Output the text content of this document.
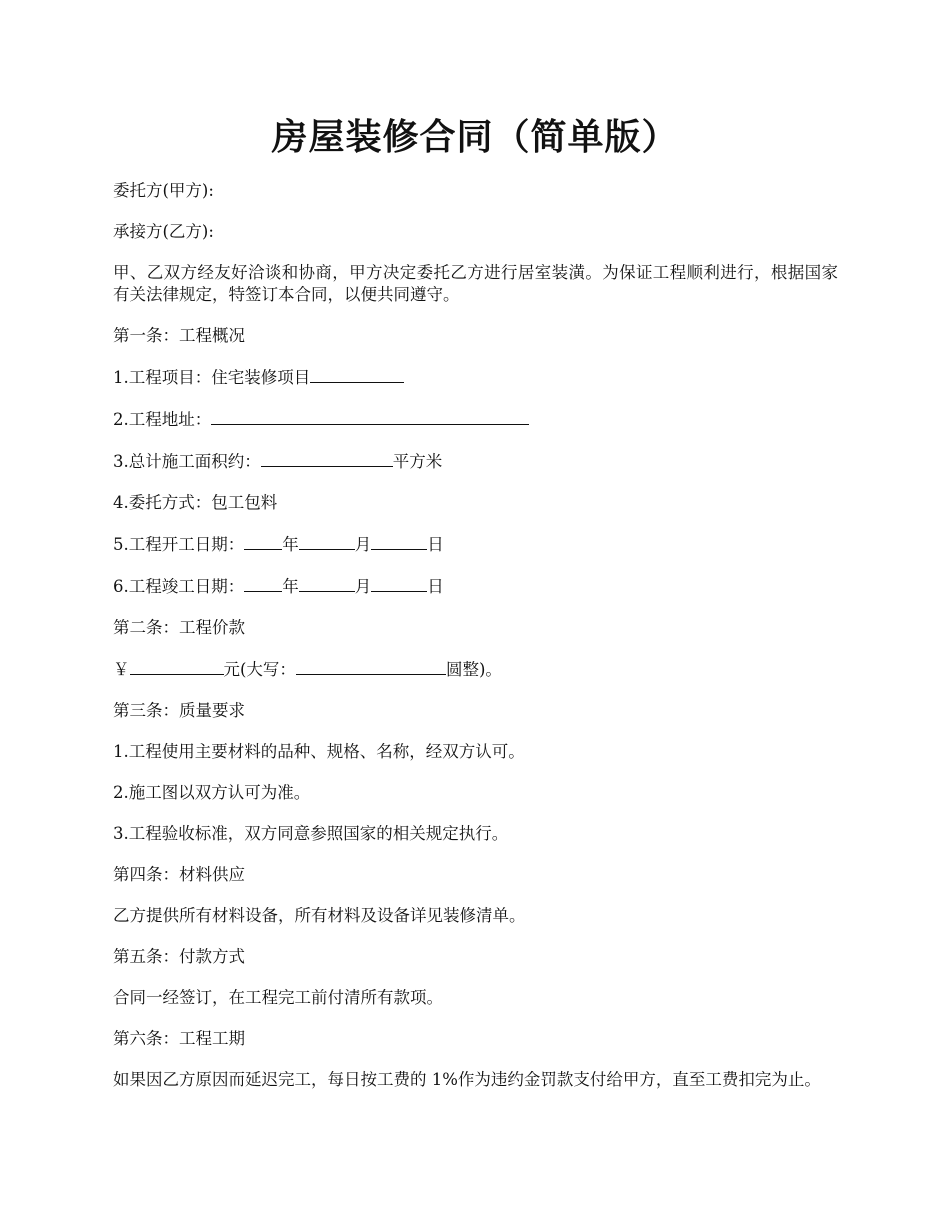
房屋装修合同（简单版）

委托方(甲方):

承接方(乙方):

甲、乙双方经友好洽谈和协商，甲方决定委托乙方进行居室装潢。为保证工程顺利进行，根据国家有关法律规定，特签订本合同，以便共同遵守。

第一条：工程概况

1.工程项目：住宅装修项目

2.工程地址：

3.总计施工面积约：	平方米

4.委托方式：包工包料

5.工程开工日期： 年	月	日

6.工程竣工日期： 年	月	日

第二条：工程价款

￥	元(大写：	圆整)。

第三条：质量要求

1.工程使用主要材料的品种、规格、名称，经双方认可。

2.施工图以双方认可为准。

3.工程验收标准，双方同意参照国家的相关规定执行。

第四条：材料供应

乙方提供所有材料设备，所有材料及设备详见装修清单。

第五条：付款方式

合同一经签订，在工程完工前付清所有款项。

第六条：工程工期

如果因乙方原因而延迟完工，每日按工费的 1%作为违约金罚款支付给甲方，直至工费扣完为止。
